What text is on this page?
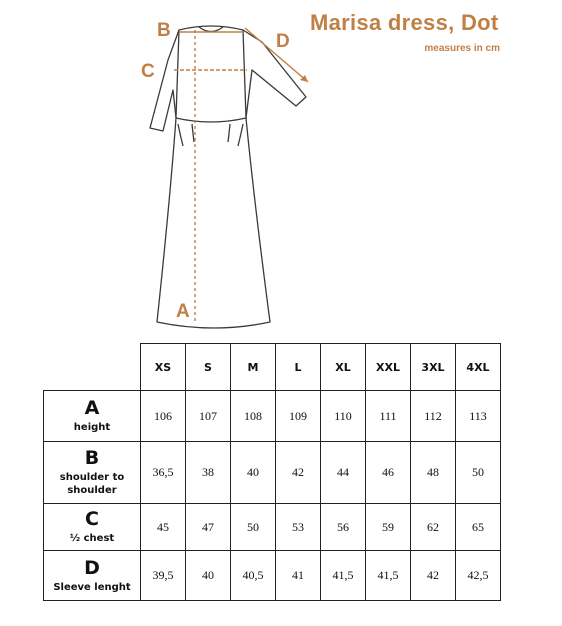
B
C
D
A
Marisa dress, Dot
measures in cm
	XS	S	M	L	XL	XXL	3XL	4XL

A
height	106	107	108	109	110	111	112	113

B
shoulder to shoulder	36,5	38	40	42	44	46	48	50

C
½ chest	45	47	50	53	56	59	62	65

D
Sleeve lenght	39,5	40	40,5	41	41,5	41,5	42	42,5
